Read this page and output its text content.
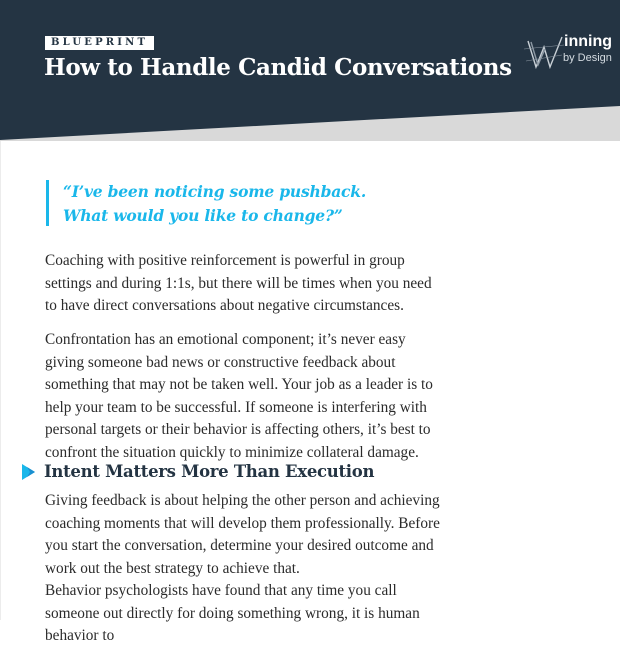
BLUEPRINT
How to Handle Candid Conversations
inning
by Design

“I’ve been noticing some pushback.

What would you like to change?”

Coaching with positive reinforcement is powerful in group settings and during 1:1s, but there will be times when you need to have direct conversations about negative circumstances.

Confrontation has an emotional component; it’s never easy giving someone bad news or constructive feedback about something that may not be taken well. Your job as a leader is to help your team to be successful. If someone is interfering with personal targets or their behavior is affecting others, it’s best to confront the situation quickly to minimize collateral damage.

Intent Matters More Than Execution

Giving feedback is about helping the other person and achieving coaching moments that will develop them professionally. Before you start the conversation, determine your desired outcome and work out the best strategy to achieve that.

Behavior psychologists have found that any time you call someone out directly for doing something wrong, it is human behavior to
